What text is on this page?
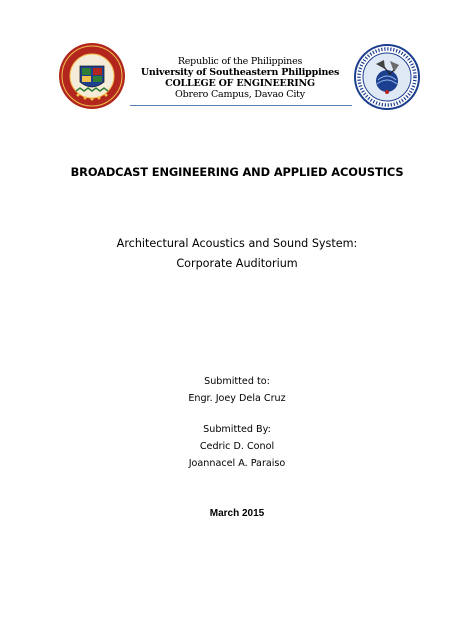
Republic of the Philippines
University of Southeastern Philippines
COLLEGE OF ENGINEERING
Obrero Campus, Davao City
BROADCAST ENGINEERING AND APPLIED ACOUSTICS
Architectural Acoustics and Sound System:
Corporate Auditorium
Submitted to:
Engr. Joey Dela Cruz
Submitted By:
Cedric D. Conol
Joannacel A. Paraiso
March 2015
